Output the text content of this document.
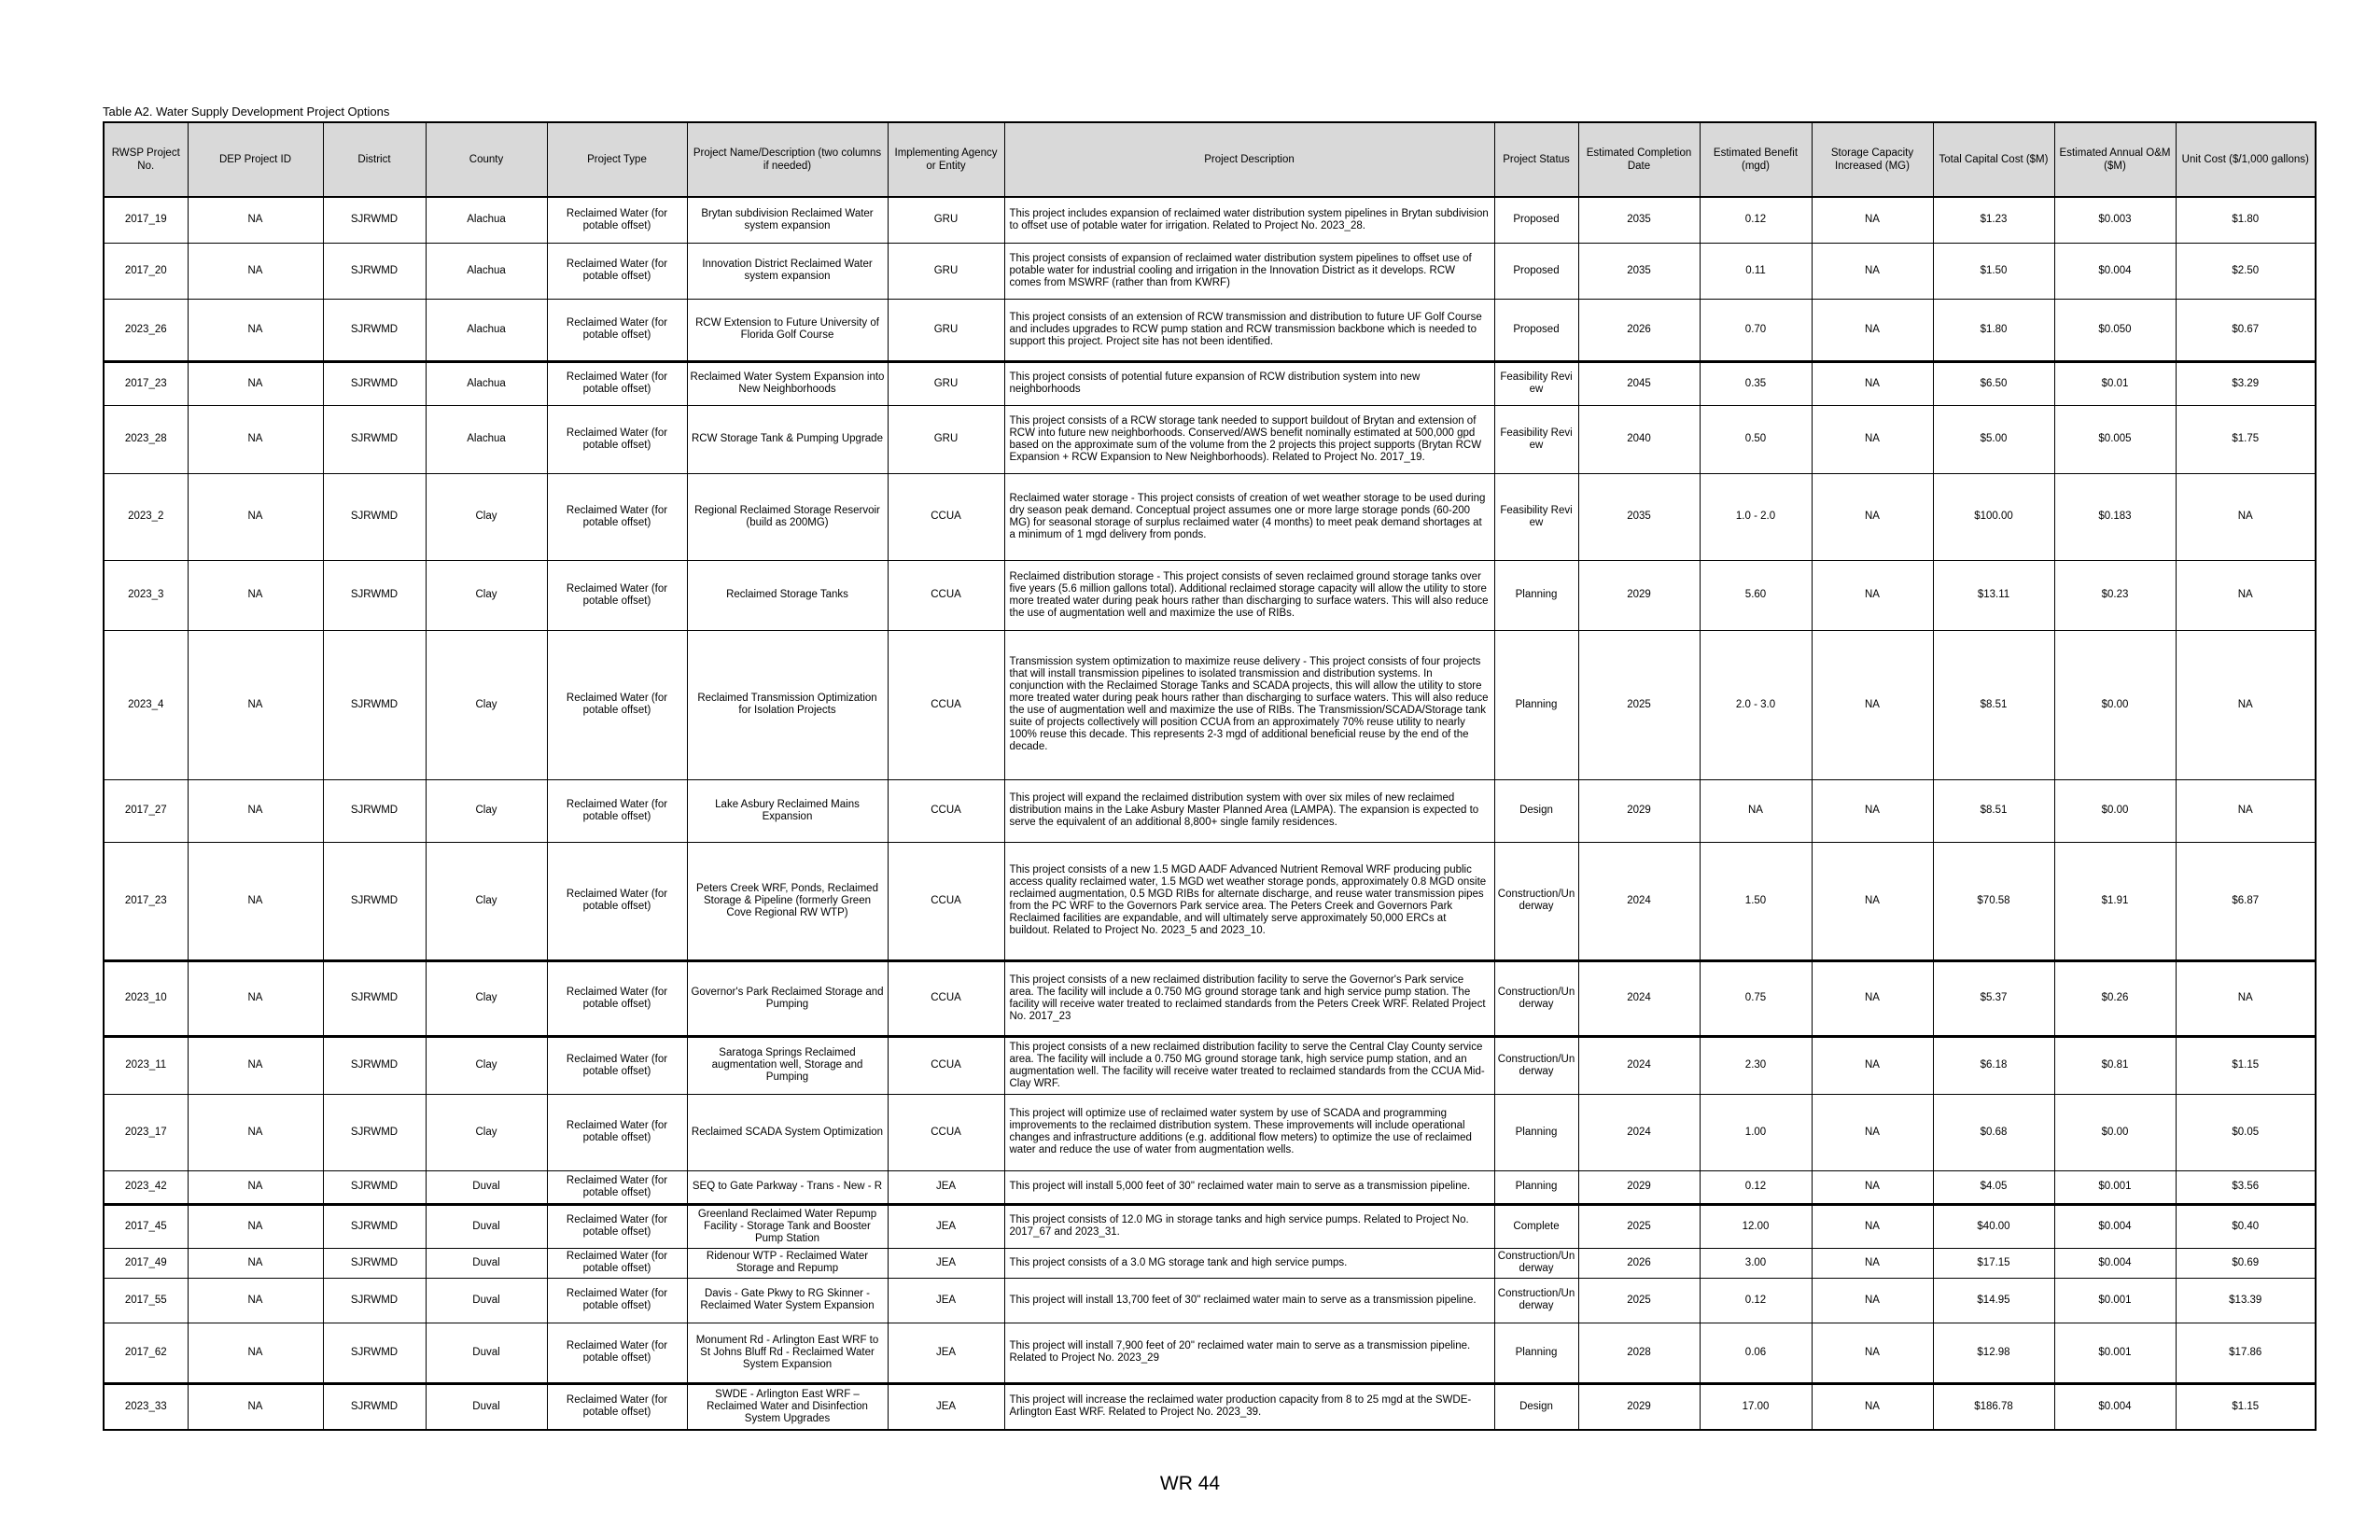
Table A2. Water Supply Development Project Options
RWSP Project No.	DEP Project ID	District	County	Project Type	Project Name/Description (two columns if needed)	Implementing Agency or Entity	Project Description	Project Status	Estimated Completion Date	Estimated Benefit (mgd)	Storage Capacity Increased (MG)	Total Capital Cost ($M)	Estimated Annual O&M ($M)	Unit Cost ($/1,000 gallons)
2017_19	NA	SJRWMD	Alachua	Reclaimed Water (for potable offset)	Brytan subdivision Reclaimed Water system expansion	GRU	This project includes expansion of reclaimed water distribution system pipelines in Brytan subdivision to offset use of potable water for irrigation. Related to Project No. 2023_28.	Proposed	2035	0.12	NA	$1.23	$0.003	$1.80
2017_20	NA	SJRWMD	Alachua	Reclaimed Water (for potable offset)	Innovation District Reclaimed Water system expansion	GRU	This project consists of expansion of reclaimed water distribution system pipelines to offset use of potable water for industrial cooling and irrigation in the Innovation District as it develops. RCW comes from MSWRF (rather than from KWRF)	Proposed	2035	0.11	NA	$1.50	$0.004	$2.50
2023_26	NA	SJRWMD	Alachua	Reclaimed Water (for potable offset)	RCW Extension to Future University of Florida Golf Course	GRU	This project consists of an extension of RCW transmission and distribution to future UF Golf Course and includes upgrades to RCW pump station and RCW transmission backbone which is needed to support this project. Project site has not been identified.	Proposed	2026	0.70	NA	$1.80	$0.050	$0.67
2017_23	NA	SJRWMD	Alachua	Reclaimed Water (for potable offset)	Reclaimed Water System Expansion into New Neighborhoods	GRU	This project consists of potential future expansion of RCW distribution system into new neighborhoods	Feasibility Review	2045	0.35	NA	$6.50	$0.01	$3.29
2023_28	NA	SJRWMD	Alachua	Reclaimed Water (for potable offset)	RCW Storage Tank & Pumping Upgrade	GRU	This project consists of a RCW storage tank needed to support buildout of Brytan and extension of RCW into future new neighborhoods. Conserved/AWS benefit nominally estimated at 500,000 gpd based on the approximate sum of the volume from the 2 projects this project supports (Brytan RCW Expansion + RCW Expansion to New Neighborhoods). Related to Project No. 2017_19.	Feasibility Review	2040	0.50	NA	$5.00	$0.005	$1.75
2023_2	NA	SJRWMD	Clay	Reclaimed Water (for potable offset)	Regional Reclaimed Storage Reservoir (build as 200MG)	CCUA	Reclaimed water storage - This project consists of creation of wet weather storage to be used during dry season peak demand. Conceptual project assumes one or more large storage ponds (60-200 MG) for seasonal storage of surplus reclaimed water (4 months) to meet peak demand shortages at a minimum of 1 mgd delivery from ponds.	Feasibility Review	2035	1.0 - 2.0	NA	$100.00	$0.183	NA
2023_3	NA	SJRWMD	Clay	Reclaimed Water (for potable offset)	Reclaimed Storage Tanks	CCUA	Reclaimed distribution storage - This project consists of seven reclaimed ground storage tanks over five years (5.6 million gallons total). Additional reclaimed storage capacity will allow the utility to store more treated water during peak hours rather than discharging to surface waters. This will also reduce the use of augmentation well and maximize the use of RIBs.	Planning	2029	5.60	NA	$13.11	$0.23	NA
2023_4	NA	SJRWMD	Clay	Reclaimed Water (for potable offset)	Reclaimed Transmission Optimization for Isolation Projects	CCUA	Transmission system optimization to maximize reuse delivery - This project consists of four projects that will install transmission pipelines to isolated transmission and distribution systems. In conjunction with the Reclaimed Storage Tanks and SCADA projects, this will allow the utility to store more treated water during peak hours rather than discharging to surface waters. This will also reduce the use of augmentation well and maximize the use of RIBs. The Transmission/SCADA/Storage tank suite of projects collectively will position CCUA from an approximately 70% reuse utility to nearly 100% reuse this decade. This represents 2-3 mgd of additional beneficial reuse by the end of the decade.	Planning	2025	2.0 - 3.0	NA	$8.51	$0.00	NA
2017_27	NA	SJRWMD	Clay	Reclaimed Water (for potable offset)	Lake Asbury Reclaimed Mains Expansion	CCUA	This project will expand the reclaimed distribution system with over six miles of new reclaimed distribution mains in the Lake Asbury Master Planned Area (LAMPA). The expansion is expected to serve the equivalent of an additional 8,800+ single family residences.	Design	2029	NA	NA	$8.51	$0.00	NA
2017_23	NA	SJRWMD	Clay	Reclaimed Water (for potable offset)	Peters Creek WRF, Ponds, Reclaimed Storage & Pipeline (formerly Green Cove Regional RW WTP)	CCUA	This project consists of a new 1.5 MGD AADF Advanced Nutrient Removal WRF producing public access quality reclaimed water, 1.5 MGD wet weather storage ponds, approximately 0.8 MGD onsite reclaimed augmentation, 0.5 MGD RIBs for alternate discharge, and reuse water transmission pipes from the PC WRF to the Governors Park service area. The Peters Creek and Governors Park Reclaimed facilities are expandable, and will ultimately serve approximately 50,000 ERCs at buildout. Related to Project No. 2023_5 and 2023_10.	Construction/Underway	2024	1.50	NA	$70.58	$1.91	$6.87
2023_10	NA	SJRWMD	Clay	Reclaimed Water (for potable offset)	Governor's Park Reclaimed Storage and Pumping	CCUA	This project consists of a new reclaimed distribution facility to serve the Governor's Park service area. The facility will include a 0.750 MG ground storage tank and high service pump station. The facility will receive water treated to reclaimed standards from the Peters Creek WRF. Related Project No. 2017_23	Construction/Underway	2024	0.75	NA	$5.37	$0.26	NA
2023_11	NA	SJRWMD	Clay	Reclaimed Water (for potable offset)	Saratoga Springs Reclaimed augmentation well, Storage and Pumping	CCUA	This project consists of a new reclaimed distribution facility to serve the Central Clay County service area. The facility will include a 0.750 MG ground storage tank, high service pump station, and an augmentation well. The facility will receive water treated to reclaimed standards from the CCUA Mid-Clay WRF.	Construction/Underway	2024	2.30	NA	$6.18	$0.81	$1.15
2023_17	NA	SJRWMD	Clay	Reclaimed Water (for potable offset)	Reclaimed SCADA System Optimization	CCUA	This project will optimize use of reclaimed water system by use of SCADA and programming improvements to the reclaimed distribution system. These improvements will include operational changes and infrastructure additions (e.g. additional flow meters) to optimize the use of reclaimed water and reduce the use of water from augmentation wells.	Planning	2024	1.00	NA	$0.68	$0.00	$0.05
2023_42	NA	SJRWMD	Duval	Reclaimed Water (for potable offset)	SEQ to Gate Parkway - Trans - New - R	JEA	This project will install 5,000 feet of 30" reclaimed water main to serve as a transmission pipeline.	Planning	2029	0.12	NA	$4.05	$0.001	$3.56
2017_45	NA	SJRWMD	Duval	Reclaimed Water (for potable offset)	Greenland Reclaimed Water Repump Facility - Storage Tank and Booster Pump Station	JEA	This project consists of 12.0 MG in storage tanks and high service pumps. Related to Project No. 2017_67 and 2023_31.	Complete	2025	12.00	NA	$40.00	$0.004	$0.40
2017_49	NA	SJRWMD	Duval	Reclaimed Water (for potable offset)	Ridenour WTP - Reclaimed Water Storage and Repump	JEA	This project consists of a 3.0 MG storage tank and high service pumps.	Construction/Underway	2026	3.00	NA	$17.15	$0.004	$0.69
2017_55	NA	SJRWMD	Duval	Reclaimed Water (for potable offset)	Davis - Gate Pkwy to RG Skinner - Reclaimed Water System Expansion	JEA	This project will install 13,700 feet of 30" reclaimed water main to serve as a transmission pipeline.	Construction/Underway	2025	0.12	NA	$14.95	$0.001	$13.39
2017_62	NA	SJRWMD	Duval	Reclaimed Water (for potable offset)	Monument Rd - Arlington East WRF to St Johns Bluff Rd - Reclaimed Water System Expansion	JEA	This project will install 7,900 feet of 20" reclaimed water main to serve as a transmission pipeline. Related to Project No. 2023_29	Planning	2028	0.06	NA	$12.98	$0.001	$17.86
2023_33	NA	SJRWMD	Duval	Reclaimed Water (for potable offset)	SWDE - Arlington East WRF – Reclaimed Water and Disinfection System Upgrades	JEA	This project will increase the reclaimed water production capacity from 8 to 25 mgd at the SWDE-Arlington East WRF. Related to Project No. 2023_39.	Design	2029	17.00	NA	$186.78	$0.004	$1.15
WR 44
